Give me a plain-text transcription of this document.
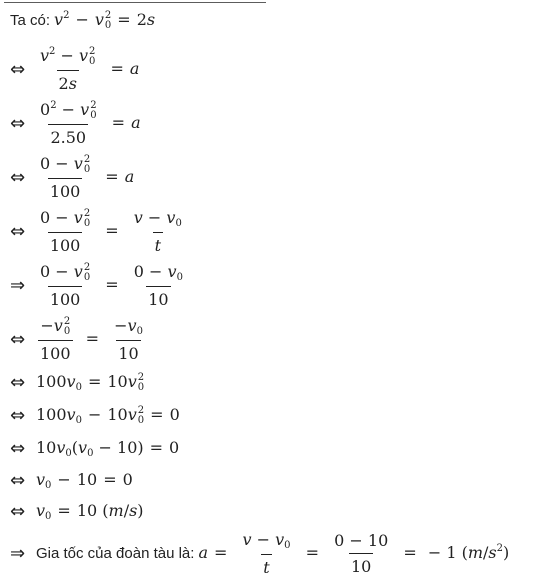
Ta có: $v^2 - v$ 2
0 = 2s
⇔ $v^2 - v$ 2
0
2s = a
⇔ $0^2 - v$ 2
0
2.50 = a
⇔ 0 − v 2
0
100 = a
⇔ 0 − v 2
0
$100 = \frac{v - v_0}{t}$
⇒ 0 − v 2
0
$100 = \frac{0 - v_0}{10}$
⇔ −v 2
0
$100 = \frac{-v_0}{10}$
⇔ $100v_0 = 10v$ 2
0
⇔ $100v_0 - 10v$ 2
0 = 0
⇔ $10v_0(v_0 - 10) = 0$
⇔ $v_0 - 10 = 0$
⇔ $v_0 = 10$ (m/s)
⇒ Gia tốc của đoàn tàu là: $a = \frac{v - v_0}{t} = \frac{0 - 10}{10}$ = − 1 $(m/s^2)$
